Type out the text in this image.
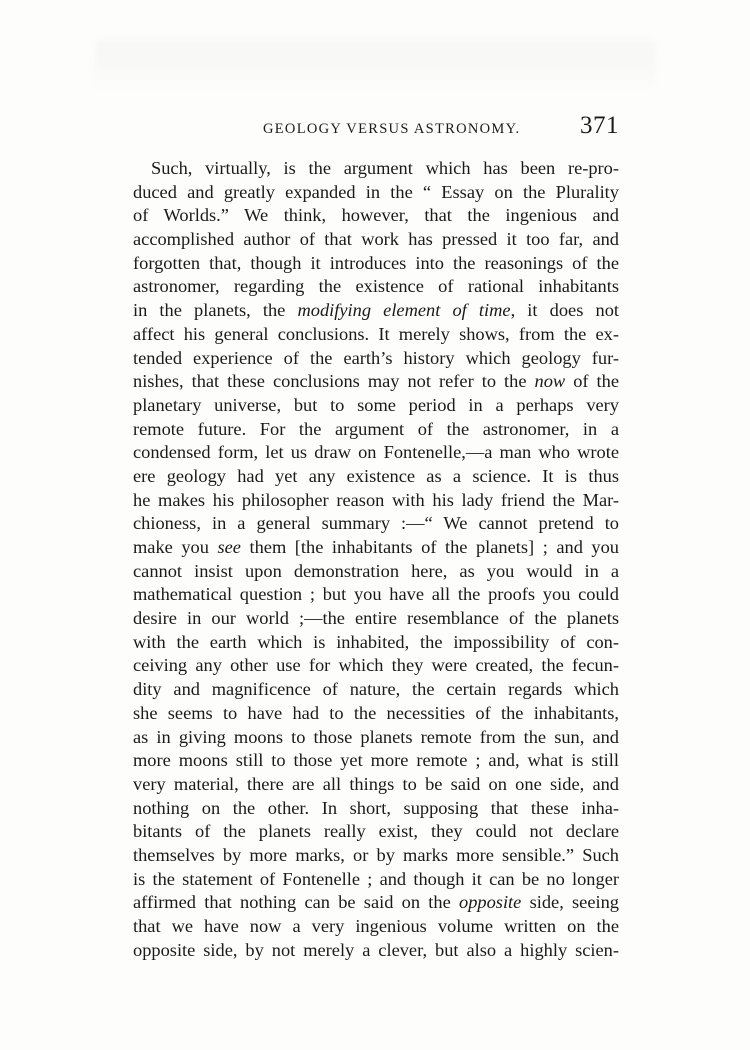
GEOLOGY VERSUS ASTRONOMY. 371
Such, virtually, is the argument which has been re-pro-
duced and greatly expanded in the “ Essay on the Plurality
of Worlds.” We think, however, that the ingenious and
accomplished author of that work has pressed it too far, and
forgotten that, though it introduces into the reasonings of the
astronomer, regarding the existence of rational inhabitants
in the planets, the modifying element of time, it does not
affect his general conclusions. It merely shows, from the ex-
tended experience of the earth’s history which geology fur-
nishes, that these conclusions may not refer to the now of the
planetary universe, but to some period in a perhaps very
remote future. For the argument of the astronomer, in a
condensed form, let us draw on Fontenelle,—a man who wrote
ere geology had yet any existence as a science. It is thus
he makes his philosopher reason with his lady friend the Mar-
chioness, in a general summary :—“ We cannot pretend to
make you see them [the inhabitants of the planets] ; and you
cannot insist upon demonstration here, as you would in a
mathematical question ; but you have all the proofs you could
desire in our world ;—the entire resemblance of the planets
with the earth which is inhabited, the impossibility of con-
ceiving any other use for which they were created, the fecun-
dity and magnificence of nature, the certain regards which
she seems to have had to the necessities of the inhabitants,
as in giving moons to those planets remote from the sun, and
more moons still to those yet more remote ; and, what is still
very material, there are all things to be said on one side, and
nothing on the other. In short, supposing that these inha-
bitants of the planets really exist, they could not declare
themselves by more marks, or by marks more sensible.” Such
is the statement of Fontenelle ; and though it can be no longer
affirmed that nothing can be said on the opposite side, seeing
that we have now a very ingenious volume written on the
opposite side, by not merely a clever, but also a highly scien-
